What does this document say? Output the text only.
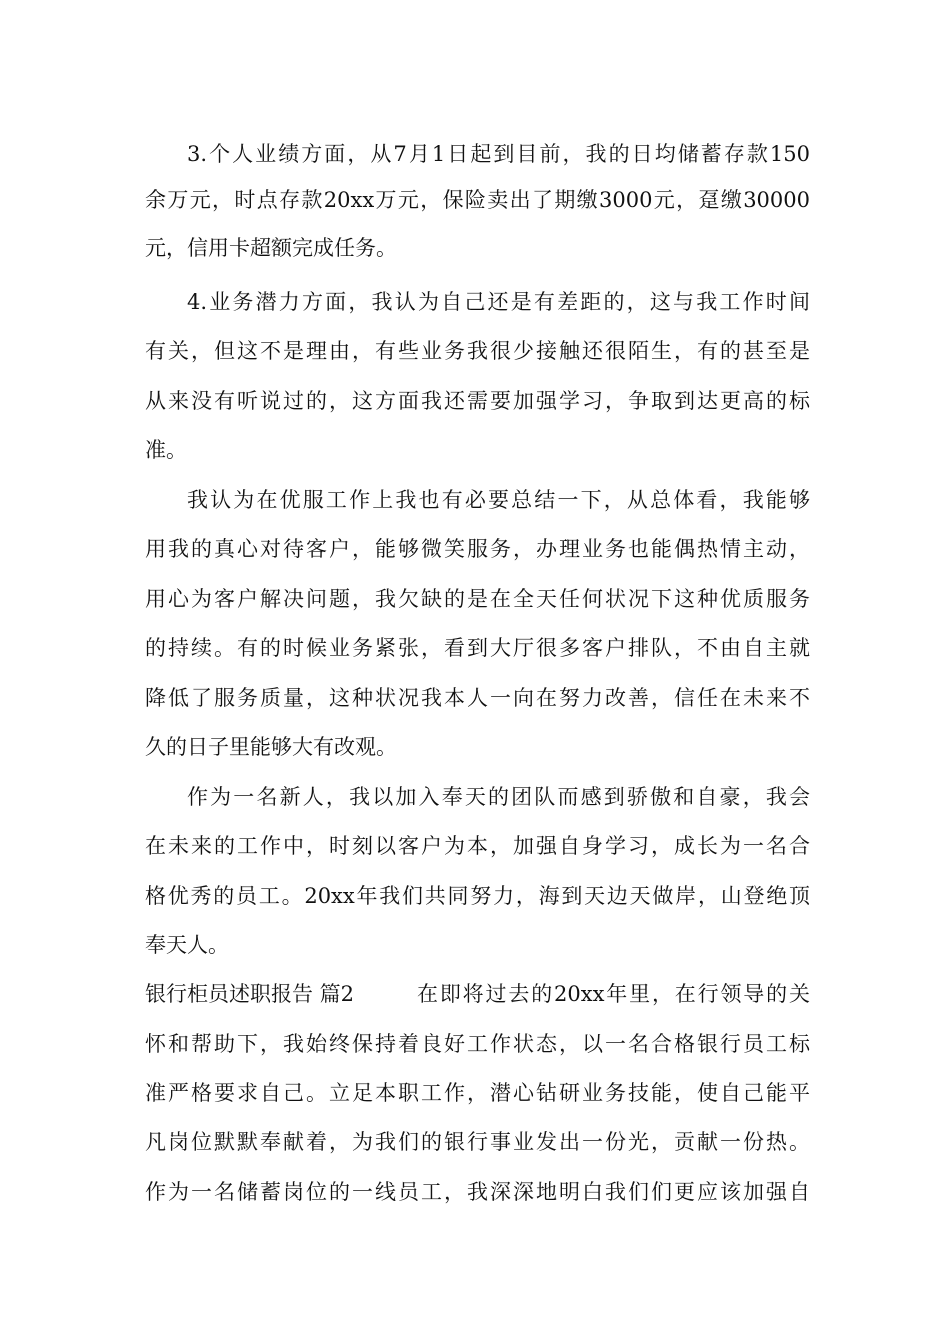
3.个人业绩方面，从7月1日起到目前，我的日均储蓄存款150
余万元，时点存款20xx万元，保险卖出了期缴3000元，趸缴30000
元，信用卡超额完成任务。
4.业务潜力方面，我认为自己还是有差距的，这与我工作时间
有关，但这不是理由，有些业务我很少接触还很陌生，有的甚至是
从来没有听说过的，这方面我还需要加强学习，争取到达更高的标
准。
我认为在优服工作上我也有必要总结一下，从总体看，我能够
用我的真心对待客户，能够微笑服务，办理业务也能偶热情主动，
用心为客户解决问题，我欠缺的是在全天任何状况下这种优质服务
的持续。有的时候业务紧张，看到大厅很多客户排队，不由自主就
降低了服务质量，这种状况我本人一向在努力改善，信任在未来不
久的日子里能够大有改观。
作为一名新人，我以加入奉天的团队而感到骄傲和自豪，我会
在未来的工作中，时刻以客户为本，加强自身学习，成长为一名合
格优秀的员工。20xx年我们共同努力，海到天边天做岸，山登绝顶
奉天人。
银行柜员述职报告 篇2	在即将过去的20xx年里，在行领导的关
怀和帮助下，我始终保持着良好工作状态，以一名合格银行员工标
准严格要求自己。立足本职工作，潜心钻研业务技能，使自己能平
凡岗位默默奉献着，为我们的银行事业发出一份光，贡献一份热。
作为一名储蓄岗位的一线员工，我深深地明白我们们更应该加强自
